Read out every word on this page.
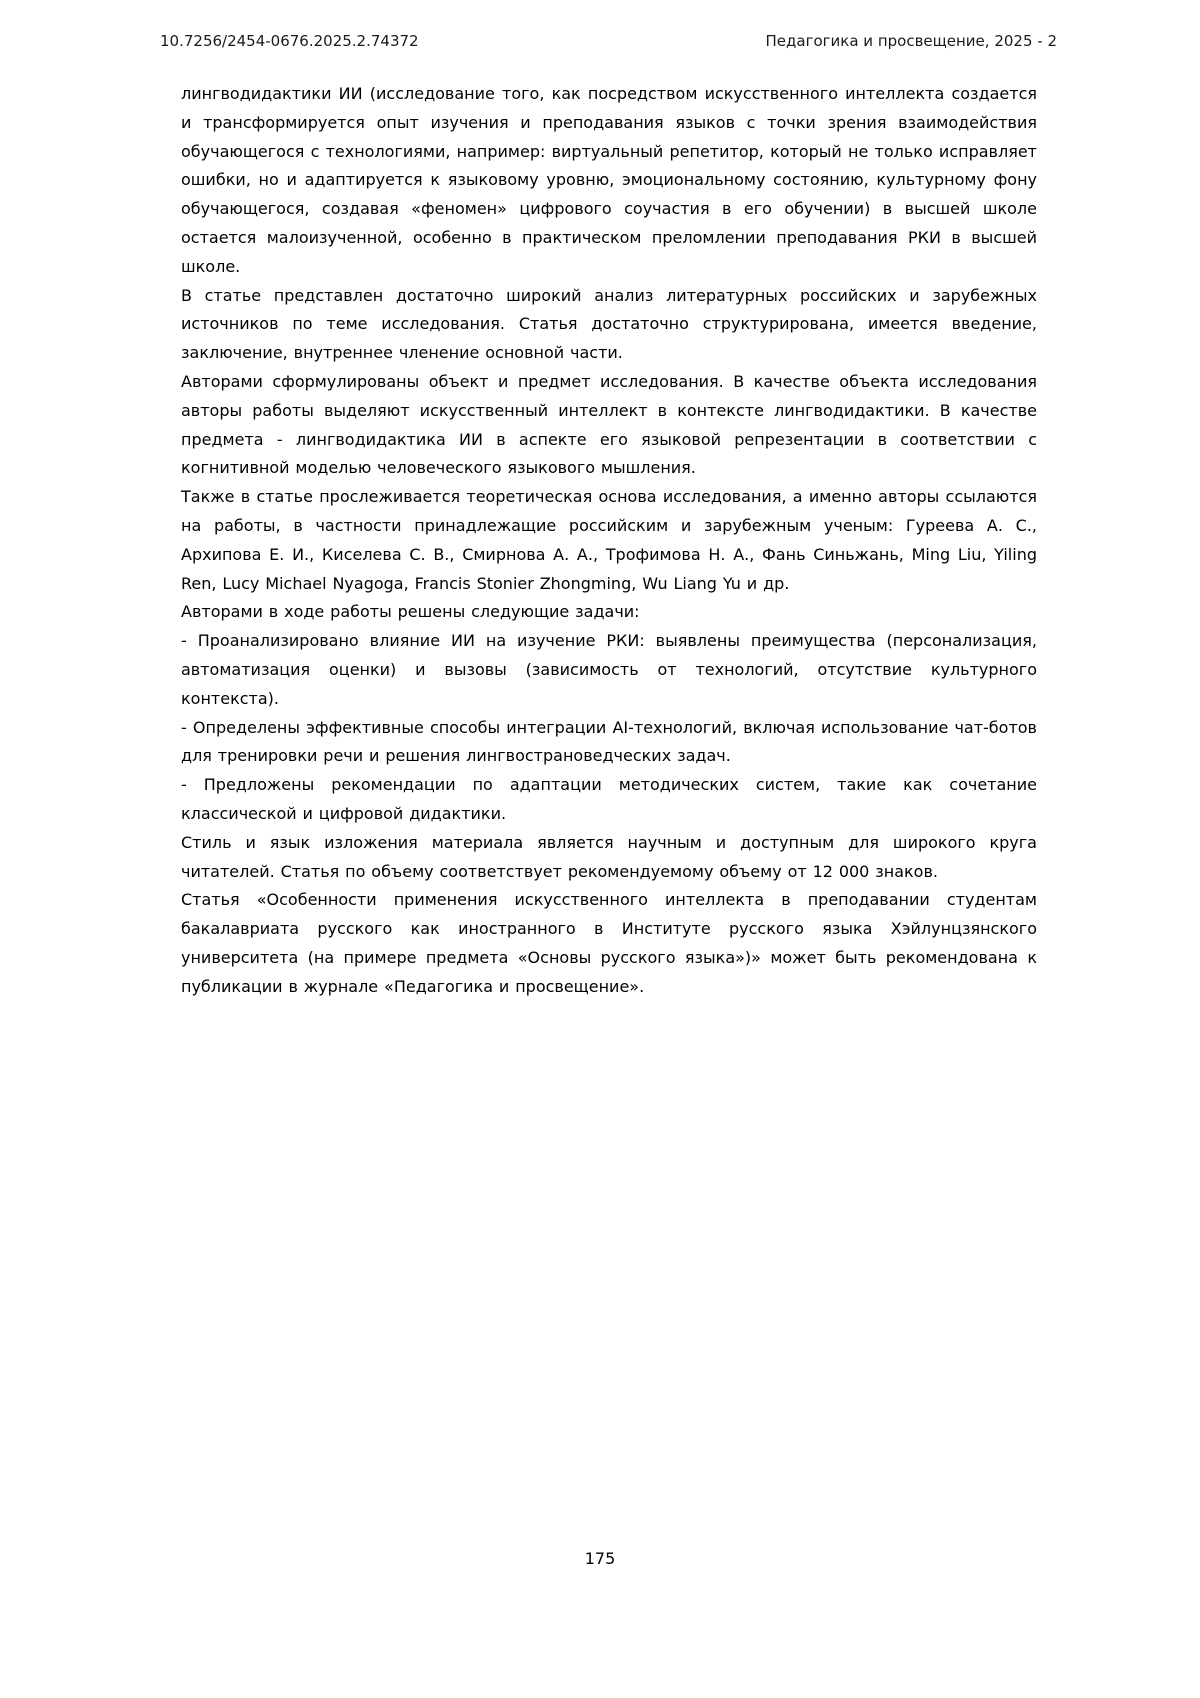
10.7256/2454-0676.2025.2.74372	Педагогика и просвещение, 2025 - 2

лингводидактики ИИ (исследование того, как посредством искусственного интеллекта создается и трансформируется опыт изучения и преподавания языков с точки зрения взаимодействия обучающегося с технологиями, например: виртуальный репетитор, который не только исправляет ошибки, но и адаптируется к языковому уровню, эмоциональному состоянию, культурному фону обучающегося, создавая «феномен» цифрового соучастия в его обучении) в высшей школе остается малоизученной, особенно в практическом преломлении преподавания РКИ в высшей школе.

В статье представлен достаточно широкий анализ литературных российских и зарубежных источников по теме исследования. Статья достаточно структурирована, имеется введение, заключение, внутреннее членение основной части.

Авторами сформулированы объект и предмет исследования. В качестве объекта исследования авторы работы выделяют искусственный интеллект в контексте лингводидактики. В качестве предмета - лингводидактика ИИ в аспекте его языковой репрезентации в соответствии с когнитивной моделью человеческого языкового мышления.

Также в статье прослеживается теоретическая основа исследования, а именно авторы ссылаются на работы, в частности принадлежащие российским и зарубежным ученым: Гуреева А. С., Архипова Е. И., Киселева С. В., Смирнова А. А., Трофимова Н. А., Фань Синьжань, Ming Liu, Yiling Ren, Lucy Michael Nyagoga, Francis Stonier Zhongming, Wu Liang Yu и др.

Авторами в ходе работы решены следующие задачи:

- Проанализировано влияние ИИ на изучение РКИ: выявлены преимущества (персонализация, автоматизация оценки) и вызовы (зависимость от технологий, отсутствие культурного контекста).

- Определены эффективные способы интеграции AI-технологий, включая использование чат-ботов для тренировки речи и решения лингвострановедческих задач.

- Предложены рекомендации по адаптации методических систем, такие как сочетание классической и цифровой дидактики.

Стиль и язык изложения материала является научным и доступным для широкого круга читателей. Статья по объему соответствует рекомендуемому объему от 12 000 знаков.

Статья «Особенности применения искусственного интеллекта в преподавании студентам бакалавриата русского как иностранного в Институте русского языка Хэйлунцзянского университета (на примере предмета «Основы русского языка»)» может быть рекомендована к публикации в журнале «Педагогика и просвещение».

175
